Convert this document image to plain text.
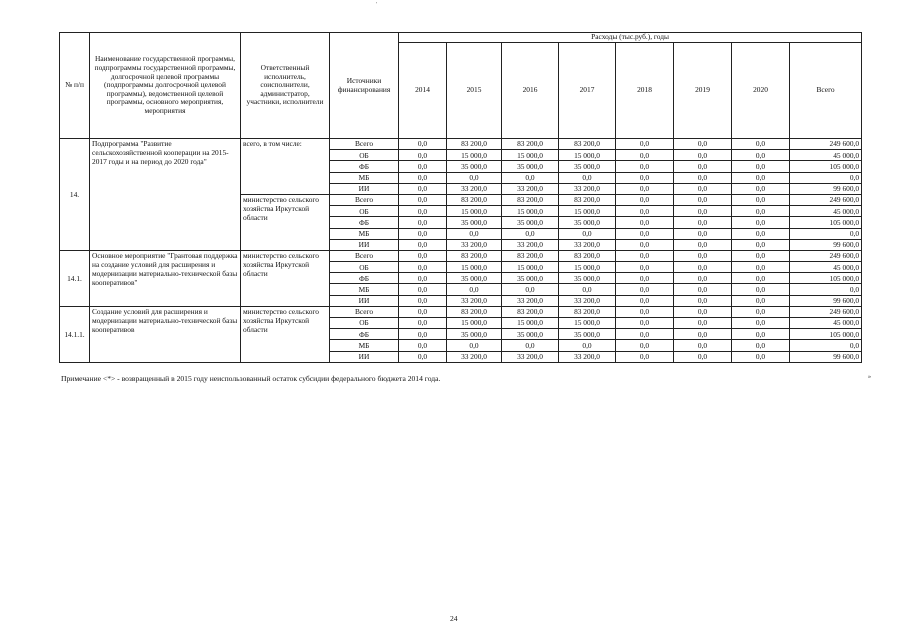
'
№ п/п	Наименование государственной программы, подпрограммы государственной программы, долгосрочной целевой программы (подпрограммы долгосрочной целевой программы), ведомственной целевой программы, основного мероприятия, мероприятия	Ответственный исполнитель, соисполнители, администратор, участники, исполнители	Источники финансирования	Расходы (тыс.руб.), годы							
				2014	2015	2016	2017	2018	2019	2020	Всего
14.	Подпрограмма "Развитие сельскохозяйственной кооперации на 2015-2017 годы и на период до 2020 года"	всего, в том числе:	Всего	0,0	83 200,0	83 200,0	83 200,0	0,0	0,0	0,0	249 600,0
			ОБ	0,0	15 000,0	15 000,0	15 000,0	0,0	0,0	0,0	45 000,0
			ФБ	0,0	35 000,0	35 000,0	35 000,0	0,0	0,0	0,0	105 000,0
			МБ	0,0	0,0	0,0	0,0	0,0	0,0	0,0	0,0
			ИИ	0,0	33 200,0	33 200,0	33 200,0	0,0	0,0	0,0	99 600,0
		министерство сельского хозяйства Иркутской области	Всего	0,0	83 200,0	83 200,0	83 200,0	0,0	0,0	0,0	249 600,0
			ОБ	0,0	15 000,0	15 000,0	15 000,0	0,0	0,0	0,0	45 000,0
			ФБ	0,0	35 000,0	35 000,0	35 000,0	0,0	0,0	0,0	105 000,0
			МБ	0,0	0,0	0,0	0,0	0,0	0,0	0,0	0,0
			ИИ	0,0	33 200,0	33 200,0	33 200,0	0,0	0,0	0,0	99 600,0
14.1.	Основное мероприятие "Грантовая поддержка на создание условий для расширения и модернизации материально-технической базы кооперативов"	министерство сельского хозяйства Иркутской области	Всего	0,0	83 200,0	83 200,0	83 200,0	0,0	0,0	0,0	249 600,0
			ОБ	0,0	15 000,0	15 000,0	15 000,0	0,0	0,0	0,0	45 000,0
			ФБ	0,0	35 000,0	35 000,0	35 000,0	0,0	0,0	0,0	105 000,0
			МБ	0,0	0,0	0,0	0,0	0,0	0,0	0,0	0,0
			ИИ	0,0	33 200,0	33 200,0	33 200,0	0,0	0,0	0,0	99 600,0
14.1.1.	Создание условий для расширения и модернизации материально-технической базы кооперативов	министерство сельского хозяйства Иркутской области	Всего	0,0	83 200,0	83 200,0	83 200,0	0,0	0,0	0,0	249 600,0
			ОБ	0,0	15 000,0	15 000,0	15 000,0	0,0	0,0	0,0	45 000,0
			ФБ	0,0	35 000,0	35 000,0	35 000,0	0,0	0,0	0,0	105 000,0
			МБ	0,0	0,0	0,0	0,0	0,0	0,0	0,0	0,0
			ИИ	0,0	33 200,0	33 200,0	33 200,0	0,0	0,0	0,0	99 600,0
Примечание <*> - возвращенный в 2015 году неиспользованный остаток субсидии федерального бюджета 2014 года.	»
24
